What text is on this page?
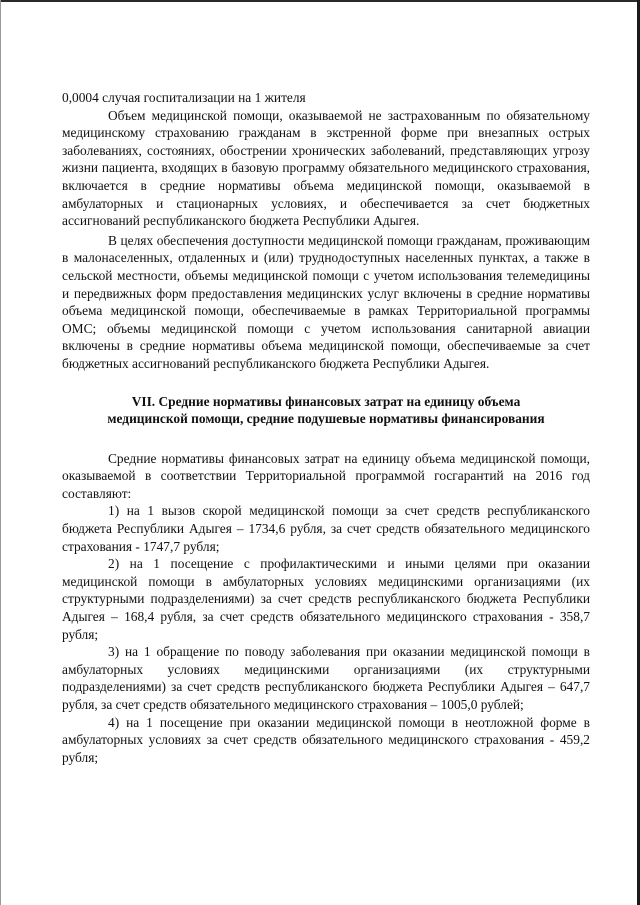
0,0004 случая госпитализации на 1 жителя

Объем медицинской помощи, оказываемой не застрахованным по обязательному медицинскому страхованию гражданам в экстренной форме при внезапных острых заболеваниях, состояниях, обострении хронических заболеваний, представляющих угрозу жизни пациента, входящих в базовую программу обязательного медицинского страхования, включается в средние нормативы объема медицинской помощи, оказываемой в амбулаторных и стационарных условиях, и обеспечивается за счет бюджетных ассигнований республиканского бюджета Республики Адыгея.

В целях обеспечения доступности медицинской помощи гражданам, проживающим в малонаселенных, отдаленных и (или) труднодоступных населенных пунктах, а также в сельской местности, объемы медицинской помощи с учетом использования телемедицины и передвижных форм предоставления медицинских услуг включены в средние нормативы объема медицинской помощи, обеспечиваемые в рамках Территориальной программы ОМС; объемы медицинской помощи с учетом использования санитарной авиации включены в средние нормативы объема медицинской помощи, обеспечиваемые за счет бюджетных ассигнований республиканского бюджета Республики Адыгея.

VII. Средние нормативы финансовых затрат на единицу объема медицинской помощи, средние подушевые нормативы финансирования

Средние нормативы финансовых затрат на единицу объема медицинской помощи, оказываемой в соответствии Территориальной программой госгарантий на 2016 год составляют:

1) на 1 вызов скорой медицинской помощи за счет средств республиканского бюджета Республики Адыгея – 1734,6 рубля, за счет средств обязательного медицинского страхования - 1747,7 рубля;

2) на 1 посещение с профилактическими и иными целями при оказании медицинской помощи в амбулаторных условиях медицинскими организациями (их структурными подразделениями) за счет средств республиканского бюджета Республики Адыгея – 168,4 рубля, за счет средств обязательного медицинского страхования - 358,7 рубля;

3) на 1 обращение по поводу заболевания при оказании медицинской помощи в амбулаторных условиях медицинскими организациями (их структурными подразделениями) за счет средств республиканского бюджета Республики Адыгея – 647,7 рубля, за счет средств обязательного медицинского страхования – 1005,0 рублей;

4) на 1 посещение при оказании медицинской помощи в неотложной форме в амбулаторных условиях за счет средств обязательного медицинского страхования - 459,2 рубля;
